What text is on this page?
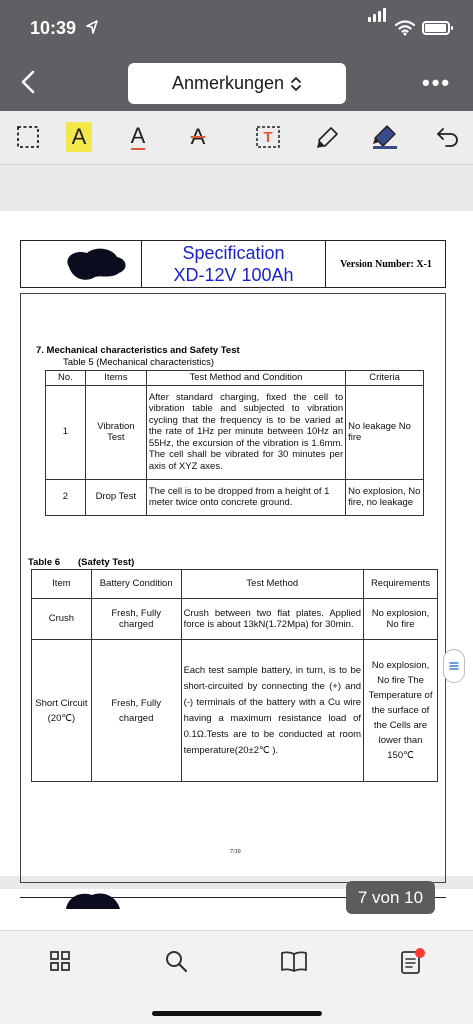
10:39
Anmerkungen	•••
A A A	T
Specification
XD-12V 100Ah
Version Number: X-1
7. Mechanical characteristics and Safety Test
Table 5 (Mechanical characteristics)
No.	Items	Test Method and Condition	Criteria
1	Vibration Test	After standard charging, fixed the cell to vibration table and subjected to vibration cycling that the frequency is to be varied at the rate of 1Hz per minute between 10Hz an 55Hz, the excursion of the vibration is 1.6mm. The cell shall be vibrated for 30 minutes per axis of XYZ axes.	No leakage No fire
2	Drop Test	The cell is to be dropped from a height of 1 meter twice onto concrete ground.	No explosion, No fire, no leakage
Table 6 (Safety Test)
Item	Battery Condition	Test Method	Requirements
Crush	Fresh, Fully charged	Crush between two flat plates. Applied force is about 13kN(1.72Mpa) for 30min.	No explosion, No fire
Short Circuit (20℃)	Fresh, Fully charged	Each test sample battery, in turn, is to be short-circuited by connecting the (+) and (-) terminals of the battery with a Cu wire having a maximum resistance load of 0.1Ω.Tests are to be conducted at room temperature(20±2℃ ).	No explosion, No fire The Temperature of the surface of the Cells are lower than 150℃
7/10
7 von 10
